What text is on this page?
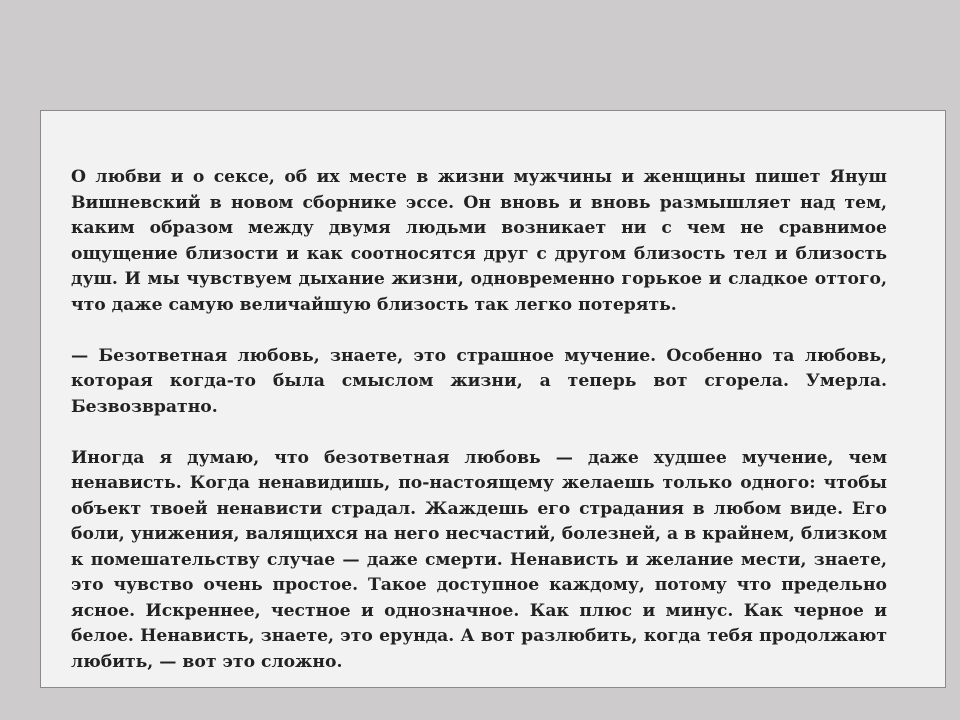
О любви и о сексе, об их месте в жизни мужчины и женщины пишет Януш Вишневский в новом сборнике эссе. Он вновь и вновь размышляет над тем, каким образом между двумя людьми возникает ни с чем не сравнимое ощущение близости и как соотносятся друг с другом близость тел и близость душ. И мы чувствуем дыхание жизни, одновременно горькое и сладкое оттого, что даже самую величайшую близость так легко потерять.

— Безответная любовь, знаете, это страшное мучение. Особенно та любовь, которая когда-то была смыслом жизни, а теперь вот сгорела. Умерла. Безвозвратно.

Иногда я думаю, что безответная любовь — даже худшее мучение, чем ненависть. Когда ненавидишь, по-настоящему желаешь только одного: чтобы объект твоей ненависти страдал. Жаждешь его страдания в любом виде. Его боли, унижения, валящихся на него несчастий, болезней, а в крайнем, близком к помешательству случае — даже смерти. Ненависть и желание мести, знаете, это чувство очень простое. Такое доступное каждому, потому что предельно ясное. Искреннее, честное и однозначное. Как плюс и минус. Как черное и белое. Ненависть, знаете, это ерунда. А вот разлюбить, когда тебя продолжают любить, — вот это сложно.
